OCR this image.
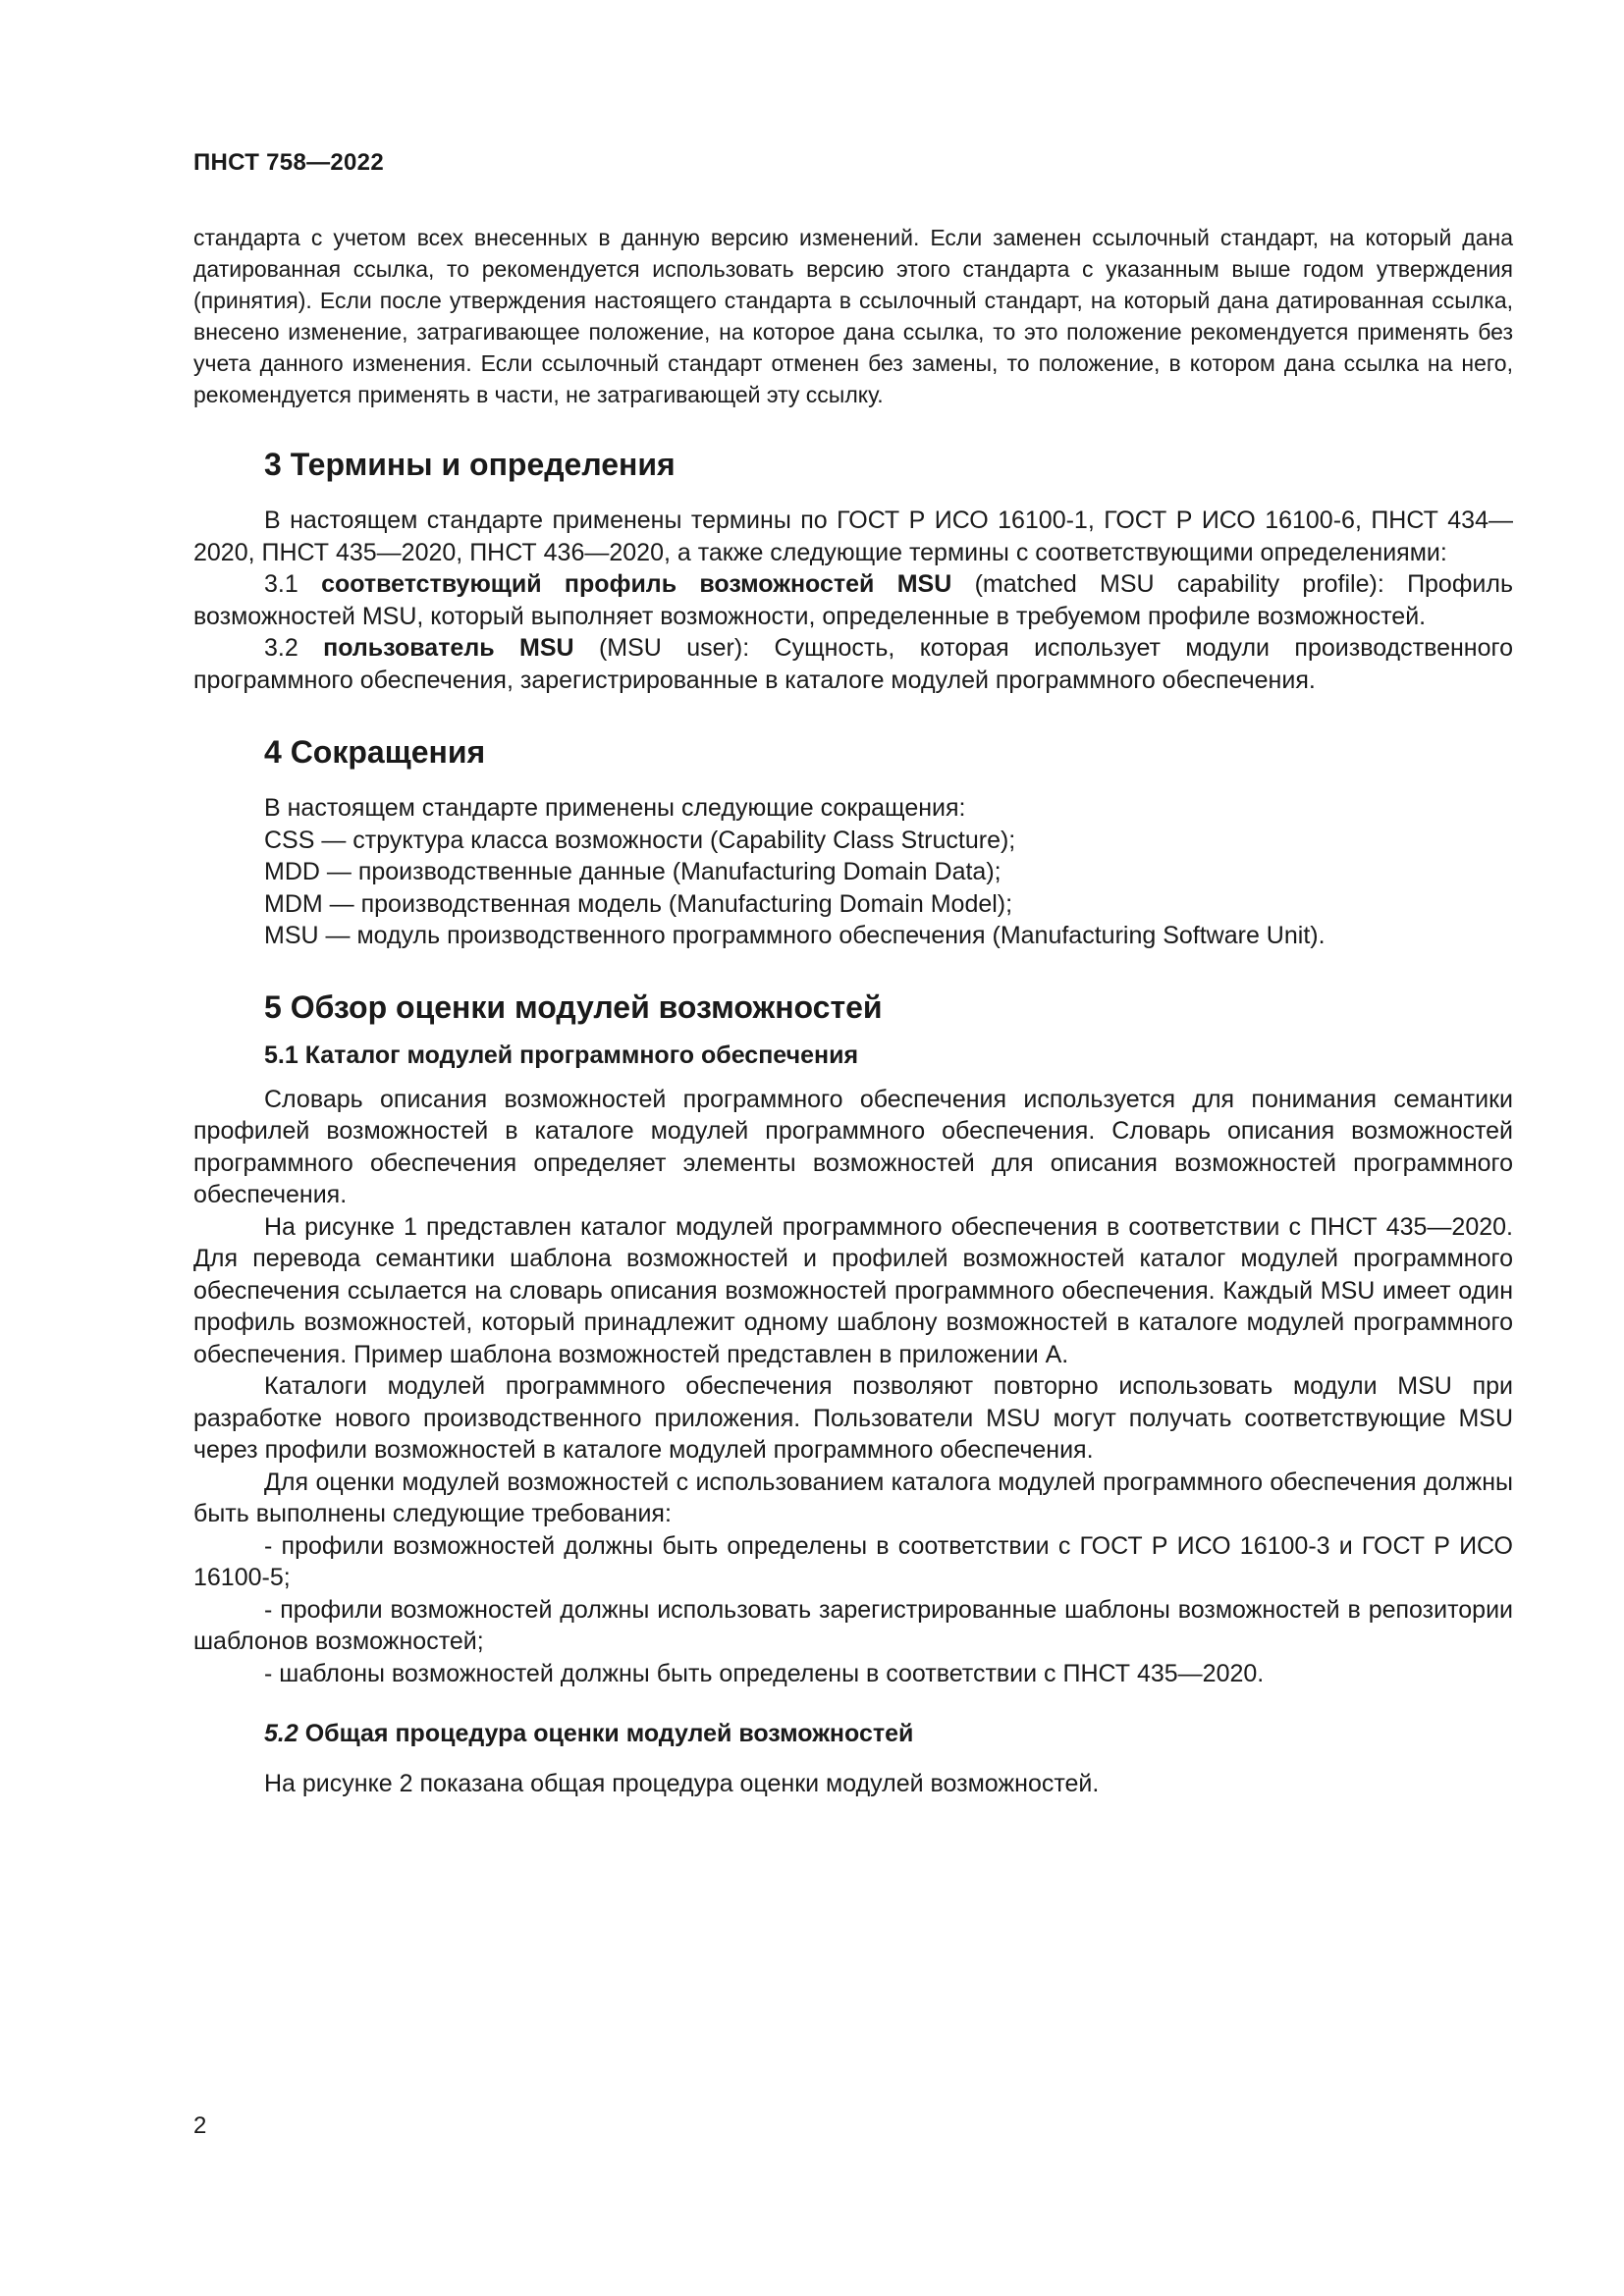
ПНСТ 758—2022

стандарта с учетом всех внесенных в данную версию изменений. Если заменен ссылочный стандарт, на который дана датированная ссылка, то рекомендуется использовать версию этого стандарта с указанным выше годом утверждения (принятия). Если после утверждения настоящего стандарта в ссылочный стандарт, на который дана датированная ссылка, внесено изменение, затрагивающее положение, на которое дана ссылка, то это положение рекомендуется применять без учета данного изменения. Если ссылочный стандарт отменен без замены, то положение, в котором дана ссылка на него, рекомендуется применять в части, не затрагивающей эту ссылку.

3 Термины и определения

В настоящем стандарте применены термины по ГОСТ Р ИСО 16100-1, ГОСТ Р ИСО 16100-6, ПНСТ 434—2020, ПНСТ 435—2020, ПНСТ 436—2020, а также следующие термины с соответствующими определениями:

3.1 соответствующий профиль возможностей MSU (matched MSU capability profile): Профиль возможностей MSU, который выполняет возможности, определенные в требуемом профиле возможностей.

3.2 пользователь MSU (MSU user): Сущность, которая использует модули производственного программного обеспечения, зарегистрированные в каталоге модулей программного обеспечения.

4 Сокращения

В настоящем стандарте применены следующие сокращения:

CSS — структура класса возможности (Capability Class Structure);

MDD — производственные данные (Manufacturing Domain Data);

MDM — производственная модель (Manufacturing Domain Model);

MSU — модуль производственного программного обеспечения (Manufacturing Software Unit).

5 Обзор оценки модулей возможностей
5.1 Каталог модулей программного обеспечения

Словарь описания возможностей программного обеспечения используется для понимания семантики профилей возможностей в каталоге модулей программного обеспечения. Словарь описания возможностей программного обеспечения определяет элементы возможностей для описания возможностей программного обеспечения.

На рисунке 1 представлен каталог модулей программного обеспечения в соответствии с ПНСТ 435—2020. Для перевода семантики шаблона возможностей и профилей возможностей каталог модулей программного обеспечения ссылается на словарь описания возможностей программного обеспечения. Каждый MSU имеет один профиль возможностей, который принадлежит одному шаблону возможностей в каталоге модулей программного обеспечения. Пример шаблона возможностей представлен в приложении А.

Каталоги модулей программного обеспечения позволяют повторно использовать модули MSU при разработке нового производственного приложения. Пользователи MSU могут получать соответствующие MSU через профили возможностей в каталоге модулей программного обеспечения.

Для оценки модулей возможностей с использованием каталога модулей программного обеспечения должны быть выполнены следующие требования:

- профили возможностей должны быть определены в соответствии с ГОСТ Р ИСО 16100-3 и ГОСТ Р ИСО 16100-5;

- профили возможностей должны использовать зарегистрированные шаблоны возможностей в репозитории шаблонов возможностей;

- шаблоны возможностей должны быть определены в соответствии с ПНСТ 435—2020.

5.2 Общая процедура оценки модулей возможностей

На рисунке 2 показана общая процедура оценки модулей возможностей.

2
